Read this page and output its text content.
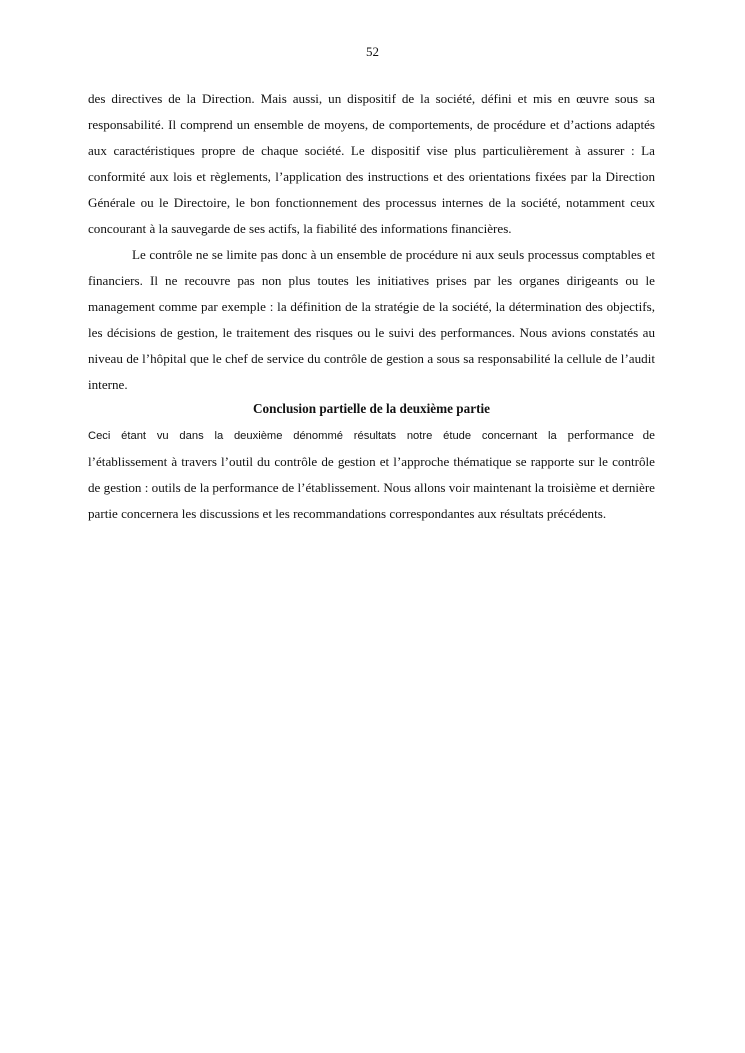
52

des directives de la Direction. Mais aussi, un dispositif de la société, défini et mis en œuvre sous sa responsabilité. Il comprend un ensemble de moyens, de comportements, de procédure et d’actions adaptés aux caractéristiques propre de chaque société. Le dispositif vise plus particulièrement à assurer : La conformité aux lois et règlements, l’application des instructions et des orientations fixées par la Direction Générale ou le Directoire, le bon fonctionnement des processus internes de la société, notamment ceux concourant à la sauvegarde de ses actifs, la fiabilité des informations financières.

Le contrôle ne se limite pas donc à un ensemble de procédure ni aux seuls processus comptables et financiers. Il ne recouvre pas non plus toutes les initiatives prises par les organes dirigeants ou le management comme par exemple : la définition de la stratégie de la société, la détermination des objectifs, les décisions de gestion, le traitement des risques ou le suivi des performances. Nous avions constatés au niveau de l’hôpital que le chef de service du contrôle de gestion a sous sa responsabilité la cellule de l’audit interne.

Conclusion partielle de la deuxième partie

Ceci étant vu dans la deuxième dénommé résultats notre étude concernant la performance de l’établissement à travers l’outil du contrôle de gestion et l’approche thématique se rapporte sur le contrôle de gestion : outils de la performance de l’établissement. Nous allons voir maintenant la troisième et dernière partie concernera les discussions et les recommandations correspondantes aux résultats précédents.
